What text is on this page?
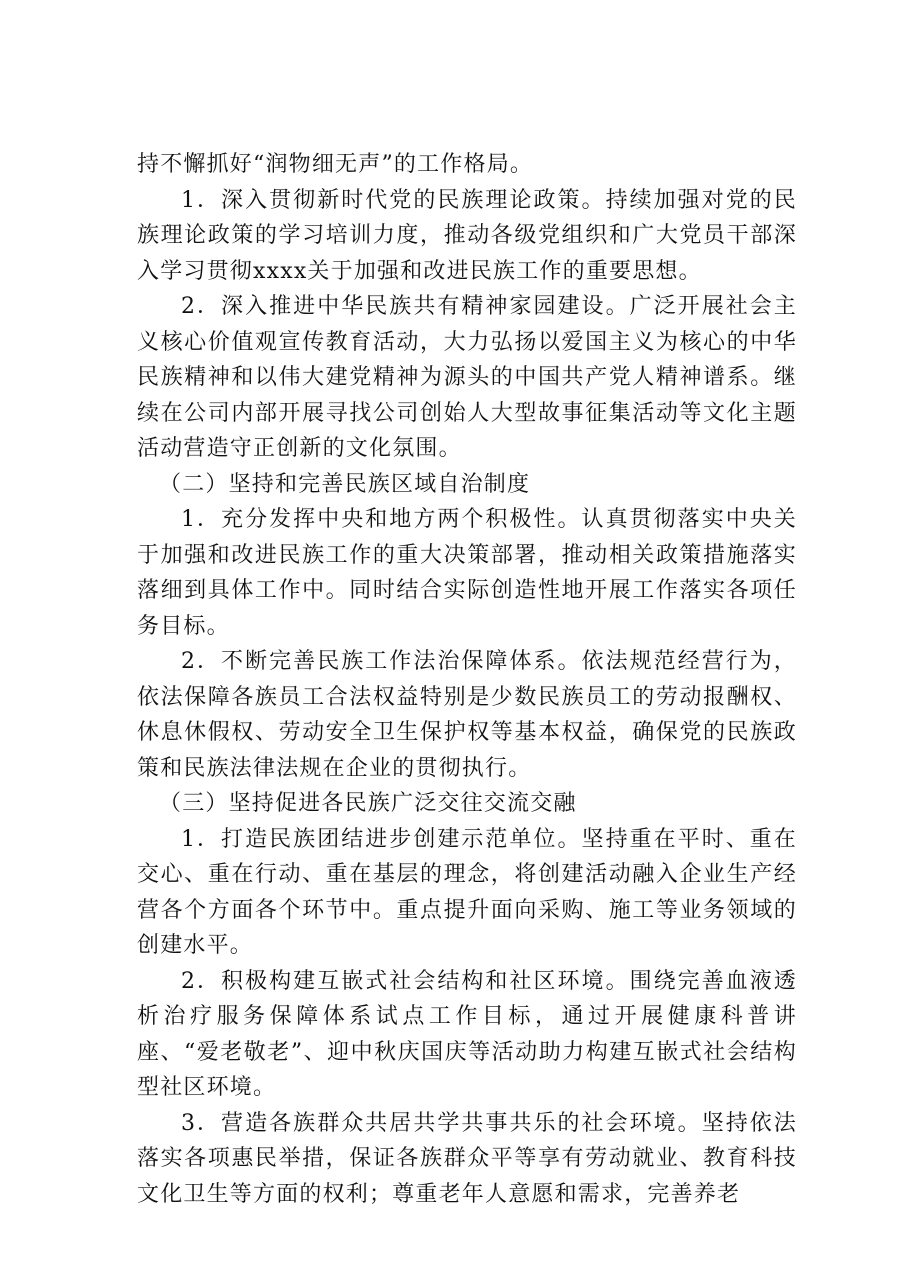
持不懈抓好“润物细无声”的工作格局。

1．深入贯彻新时代党的民族理论政策。持续加强对党的民族理论政策的学习培训力度，推动各级党组织和广大党员干部深入学习贯彻xxxx关于加强和改进民族工作的重要思想。

2．深入推进中华民族共有精神家园建设。广泛开展社会主义核心价值观宣传教育活动，大力弘扬以爱国主义为核心的中华民族精神和以伟大建党精神为源头的中国共产党人精神谱系。继续在公司内部开展寻找公司创始人大型故事征集活动等文化主题活动营造守正创新的文化氛围。

（二）坚持和完善民族区域自治制度

1．充分发挥中央和地方两个积极性。认真贯彻落实中央关于加强和改进民族工作的重大决策部署，推动相关政策措施落实落细到具体工作中。同时结合实际创造性地开展工作落实各项任务目标。

2．不断完善民族工作法治保障体系。依法规范经营行为，依法保障各族员工合法权益特别是少数民族员工的劳动报酬权、休息休假权、劳动安全卫生保护权等基本权益，确保党的民族政策和民族法律法规在企业的贯彻执行。

（三）坚持促进各民族广泛交往交流交融

1．打造民族团结进步创建示范单位。坚持重在平时、重在交心、重在行动、重在基层的理念，将创建活动融入企业生产经营各个方面各个环节中。重点提升面向采购、施工等业务领域的创建水平。

2．积极构建互嵌式社会结构和社区环境。围绕完善血液透析治疗服务保障体系试点工作目标，通过开展健康科普讲座、“爱老敬老”、迎中秋庆国庆等活动助力构建互嵌式社会结构型社区环境。

3．营造各族群众共居共学共事共乐的社会环境。坚持依法落实各项惠民举措，保证各族群众平等享有劳动就业、教育科技文化卫生等方面的权利；尊重老年人意愿和需求，完善养老
